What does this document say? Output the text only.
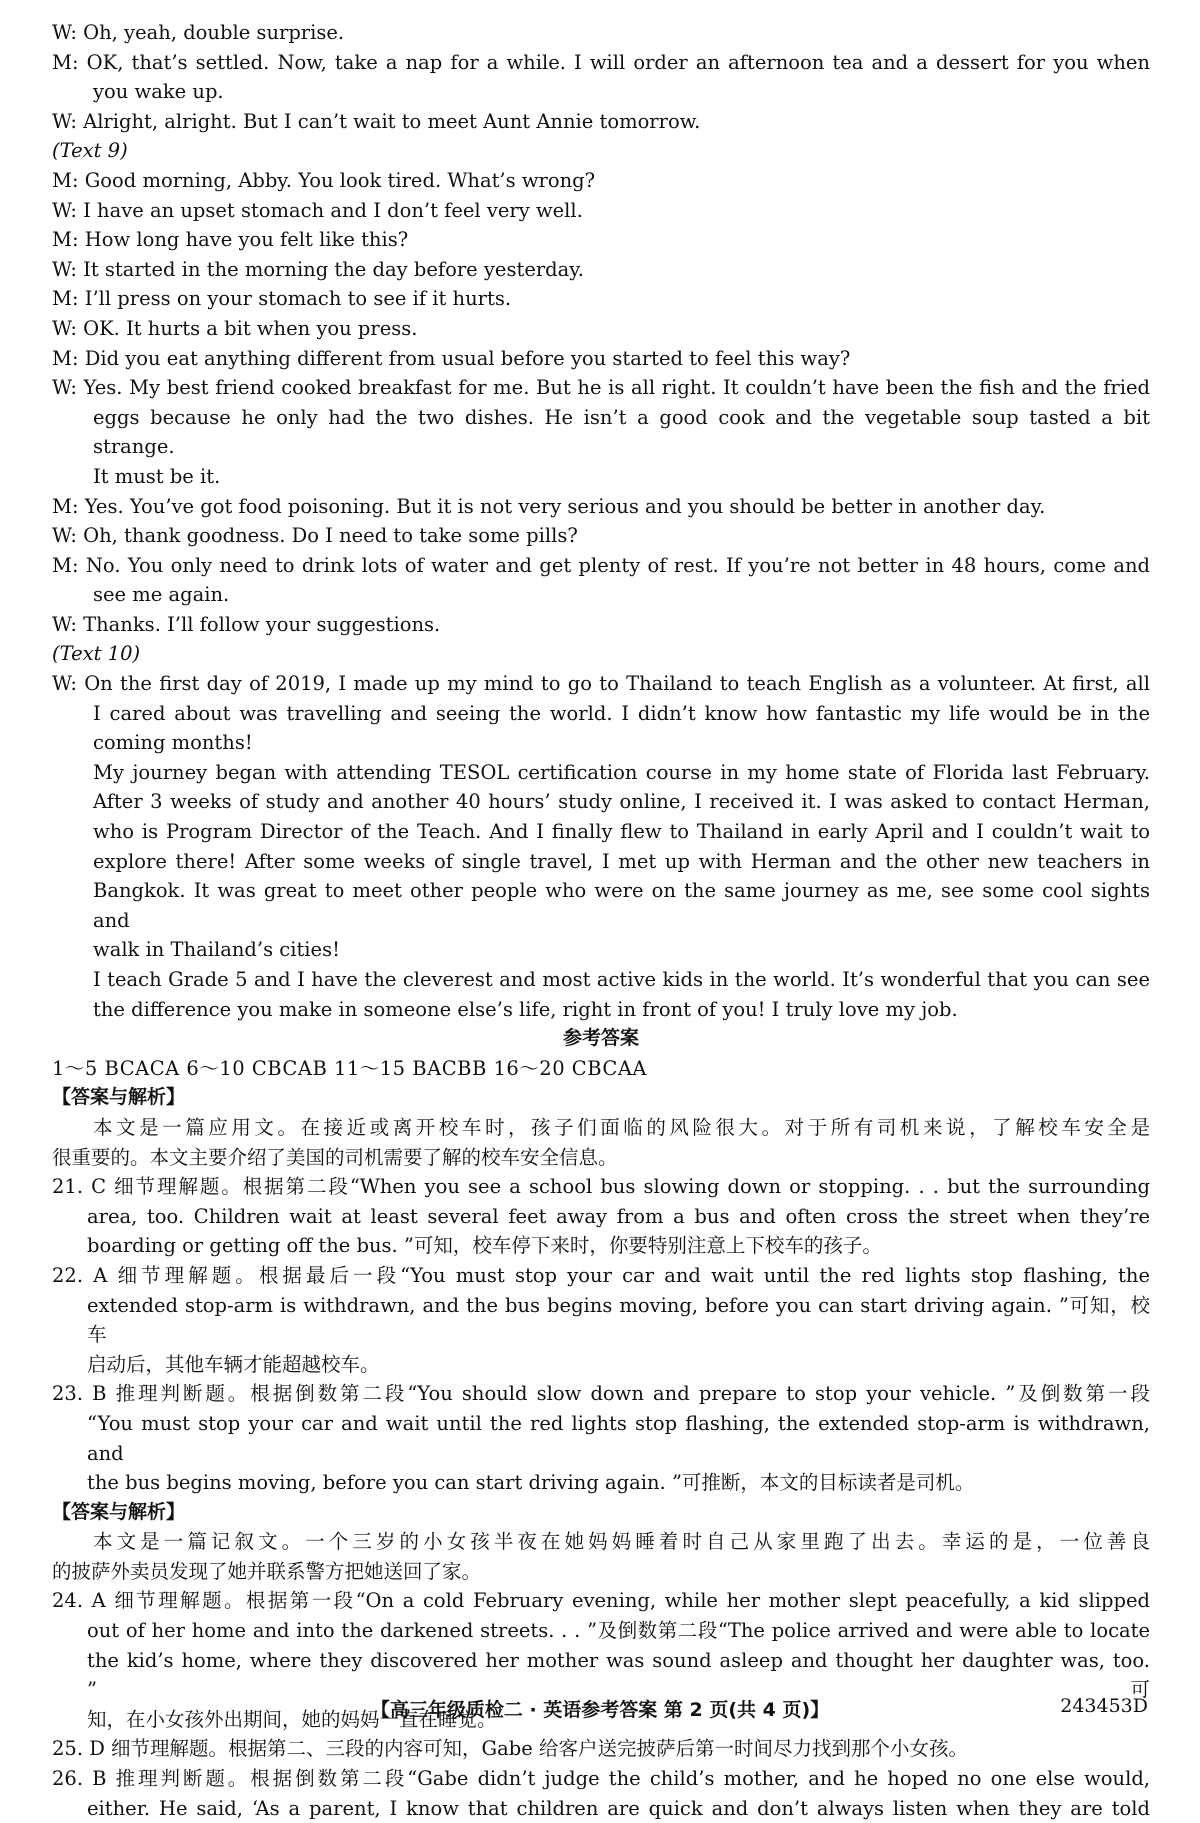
W: Oh, yeah, double surprise.
M: OK, that’s settled. Now, take a nap for a while. I will order an afternoon tea and a dessert for you when
you wake up.
W: Alright, alright. But I can’t wait to meet Aunt Annie tomorrow.
(Text 9)
M: Good morning, Abby. You look tired. What’s wrong?
W: I have an upset stomach and I don’t feel very well.
M: How long have you felt like this?
W: It started in the morning the day before yesterday.
M: I’ll press on your stomach to see if it hurts.
W: OK. It hurts a bit when you press.
M: Did you eat anything different from usual before you started to feel this way?
W: Yes. My best friend cooked breakfast for me. But he is all right. It couldn’t have been the fish and the fried
eggs because he only had the two dishes. He isn’t a good cook and the vegetable soup tasted a bit strange.
It must be it.
M: Yes. You’ve got food poisoning. But it is not very serious and you should be better in another day.
W: Oh, thank goodness. Do I need to take some pills?
M: No. You only need to drink lots of water and get plenty of rest. If you’re not better in 48 hours, come and
see me again.
W: Thanks. I’ll follow your suggestions.
(Text 10)
W: On the first day of 2019, I made up my mind to go to Thailand to teach English as a volunteer. At first, all
I cared about was travelling and seeing the world. I didn’t know how fantastic my life would be in the
coming months!
My journey began with attending TESOL certification course in my home state of Florida last February.
After 3 weeks of study and another 40 hours’ study online, I received it. I was asked to contact Herman,
who is Program Director of the Teach. And I finally flew to Thailand in early April and I couldn’t wait to
explore there! After some weeks of single travel, I met up with Herman and the other new teachers in
Bangkok. It was great to meet other people who were on the same journey as me, see some cool sights and
walk in Thailand’s cities!
I teach Grade 5 and I have the cleverest and most active kids in the world. It’s wonderful that you can see
the difference you make in someone else’s life, right in front of you! I truly love my job.
参考答案
1～5 BCACA 6～10 CBCAB 11～15 BACBB 16～20 CBCAA
【答案与解析】
本文是一篇应用文。在接近或离开校车时，孩子们面临的风险很大。对于所有司机来说，了解校车安全是
很重要的。本文主要介绍了美国的司机需要了解的校车安全信息。
21. C 细节理解题。根据第二段“When you see a school bus slowing down or stopping. . . but the surrounding
area, too. Children wait at least several feet away from a bus and often cross the street when they’re
boarding or getting off the bus. ”可知，校车停下来时，你要特别注意上下校车的孩子。
22. A 细节理解题。根据最后一段“You must stop your car and wait until the red lights stop flashing, the
extended stop-arm is withdrawn, and the bus begins moving, before you can start driving again. ”可知，校车
启动后，其他车辆才能超越校车。
23. B 推理判断题。根据倒数第二段“You should slow down and prepare to stop your vehicle. ”及倒数第一段
“You must stop your car and wait until the red lights stop flashing, the extended stop-arm is withdrawn, and
the bus begins moving, before you can start driving again. ”可推断，本文的目标读者是司机。
【答案与解析】
本文是一篇记叙文。一个三岁的小女孩半夜在她妈妈睡着时自己从家里跑了出去。幸运的是，一位善良
的披萨外卖员发现了她并联系警方把她送回了家。
24. A 细节理解题。根据第一段“On a cold February evening, while her mother slept peacefully, a kid slipped
out of her home and into the darkened streets. . . ”及倒数第二段“The police arrived and were able to locate
the kid’s home, where they discovered her mother was sound asleep and thought her daughter was, too. ”可
知，在小女孩外出期间，她的妈妈一直在睡觉。
25. D 细节理解题。根据第二、三段的内容可知，Gabe 给客户送完披萨后第一时间尽力找到那个小女孩。
26. B 推理判断题。根据倒数第二段“Gabe didn’t judge the child’s mother, and he hoped no one else would,
either. He said, ‘As a parent, I know that children are quick and don’t always listen when they are told
【高三年级质检二 · 英语参考答案 第 2 页(共 4 页)】	243453D
